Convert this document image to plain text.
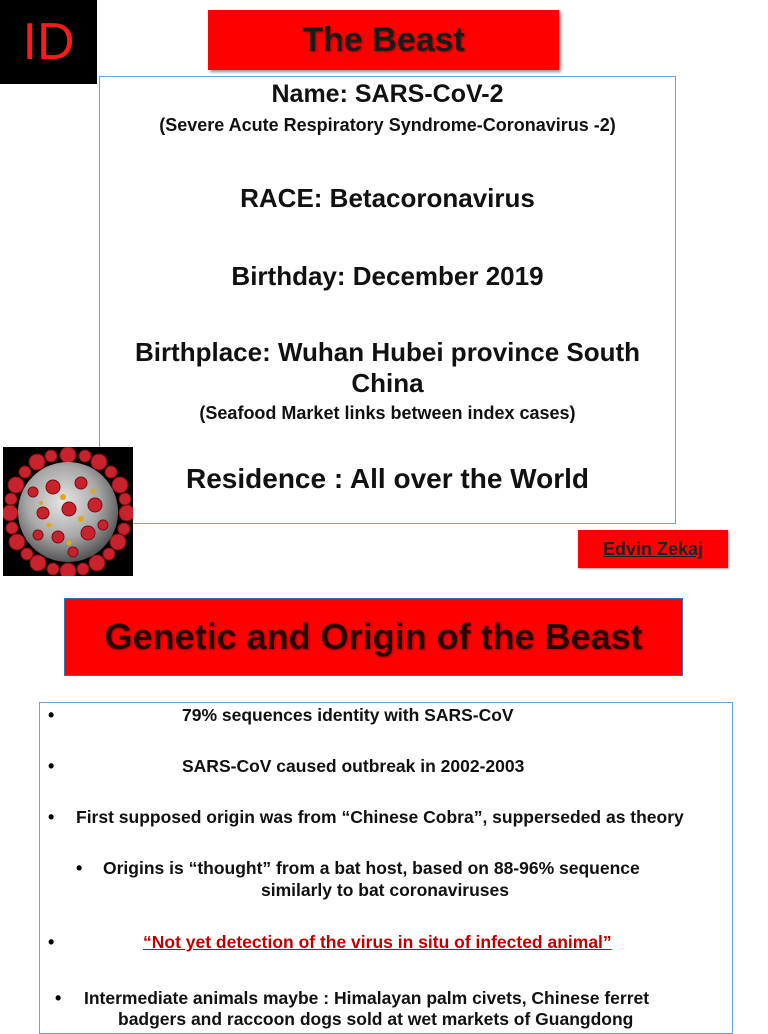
ID	The Beast
Name: SARS-CoV-2
(Severe Acute Respiratory Syndrome-Coronavirus -2)
RACE: Betacoronavirus
Birthday: December 2019
Birthplace: Wuhan Hubei province South
China
(Seafood Market links between index cases)
Residence : All over the World
Edvin Zekaj
Genetic and Origin of the Beast
•	79% sequences identity with SARS-CoV
•	SARS-CoV caused outbreak in 2002-2003
• First supposed origin was from “Chinese Cobra”, supperseded as theory
• Origins is “thought” from a bat host, based on 88-96% sequence
similarly to bat coronaviruses
•	“Not yet detection of the virus in situ of infected animal”
• Intermediate animals maybe : Himalayan palm civets, Chinese ferret
badgers and raccoon dogs sold at wet markets of Guangdong
